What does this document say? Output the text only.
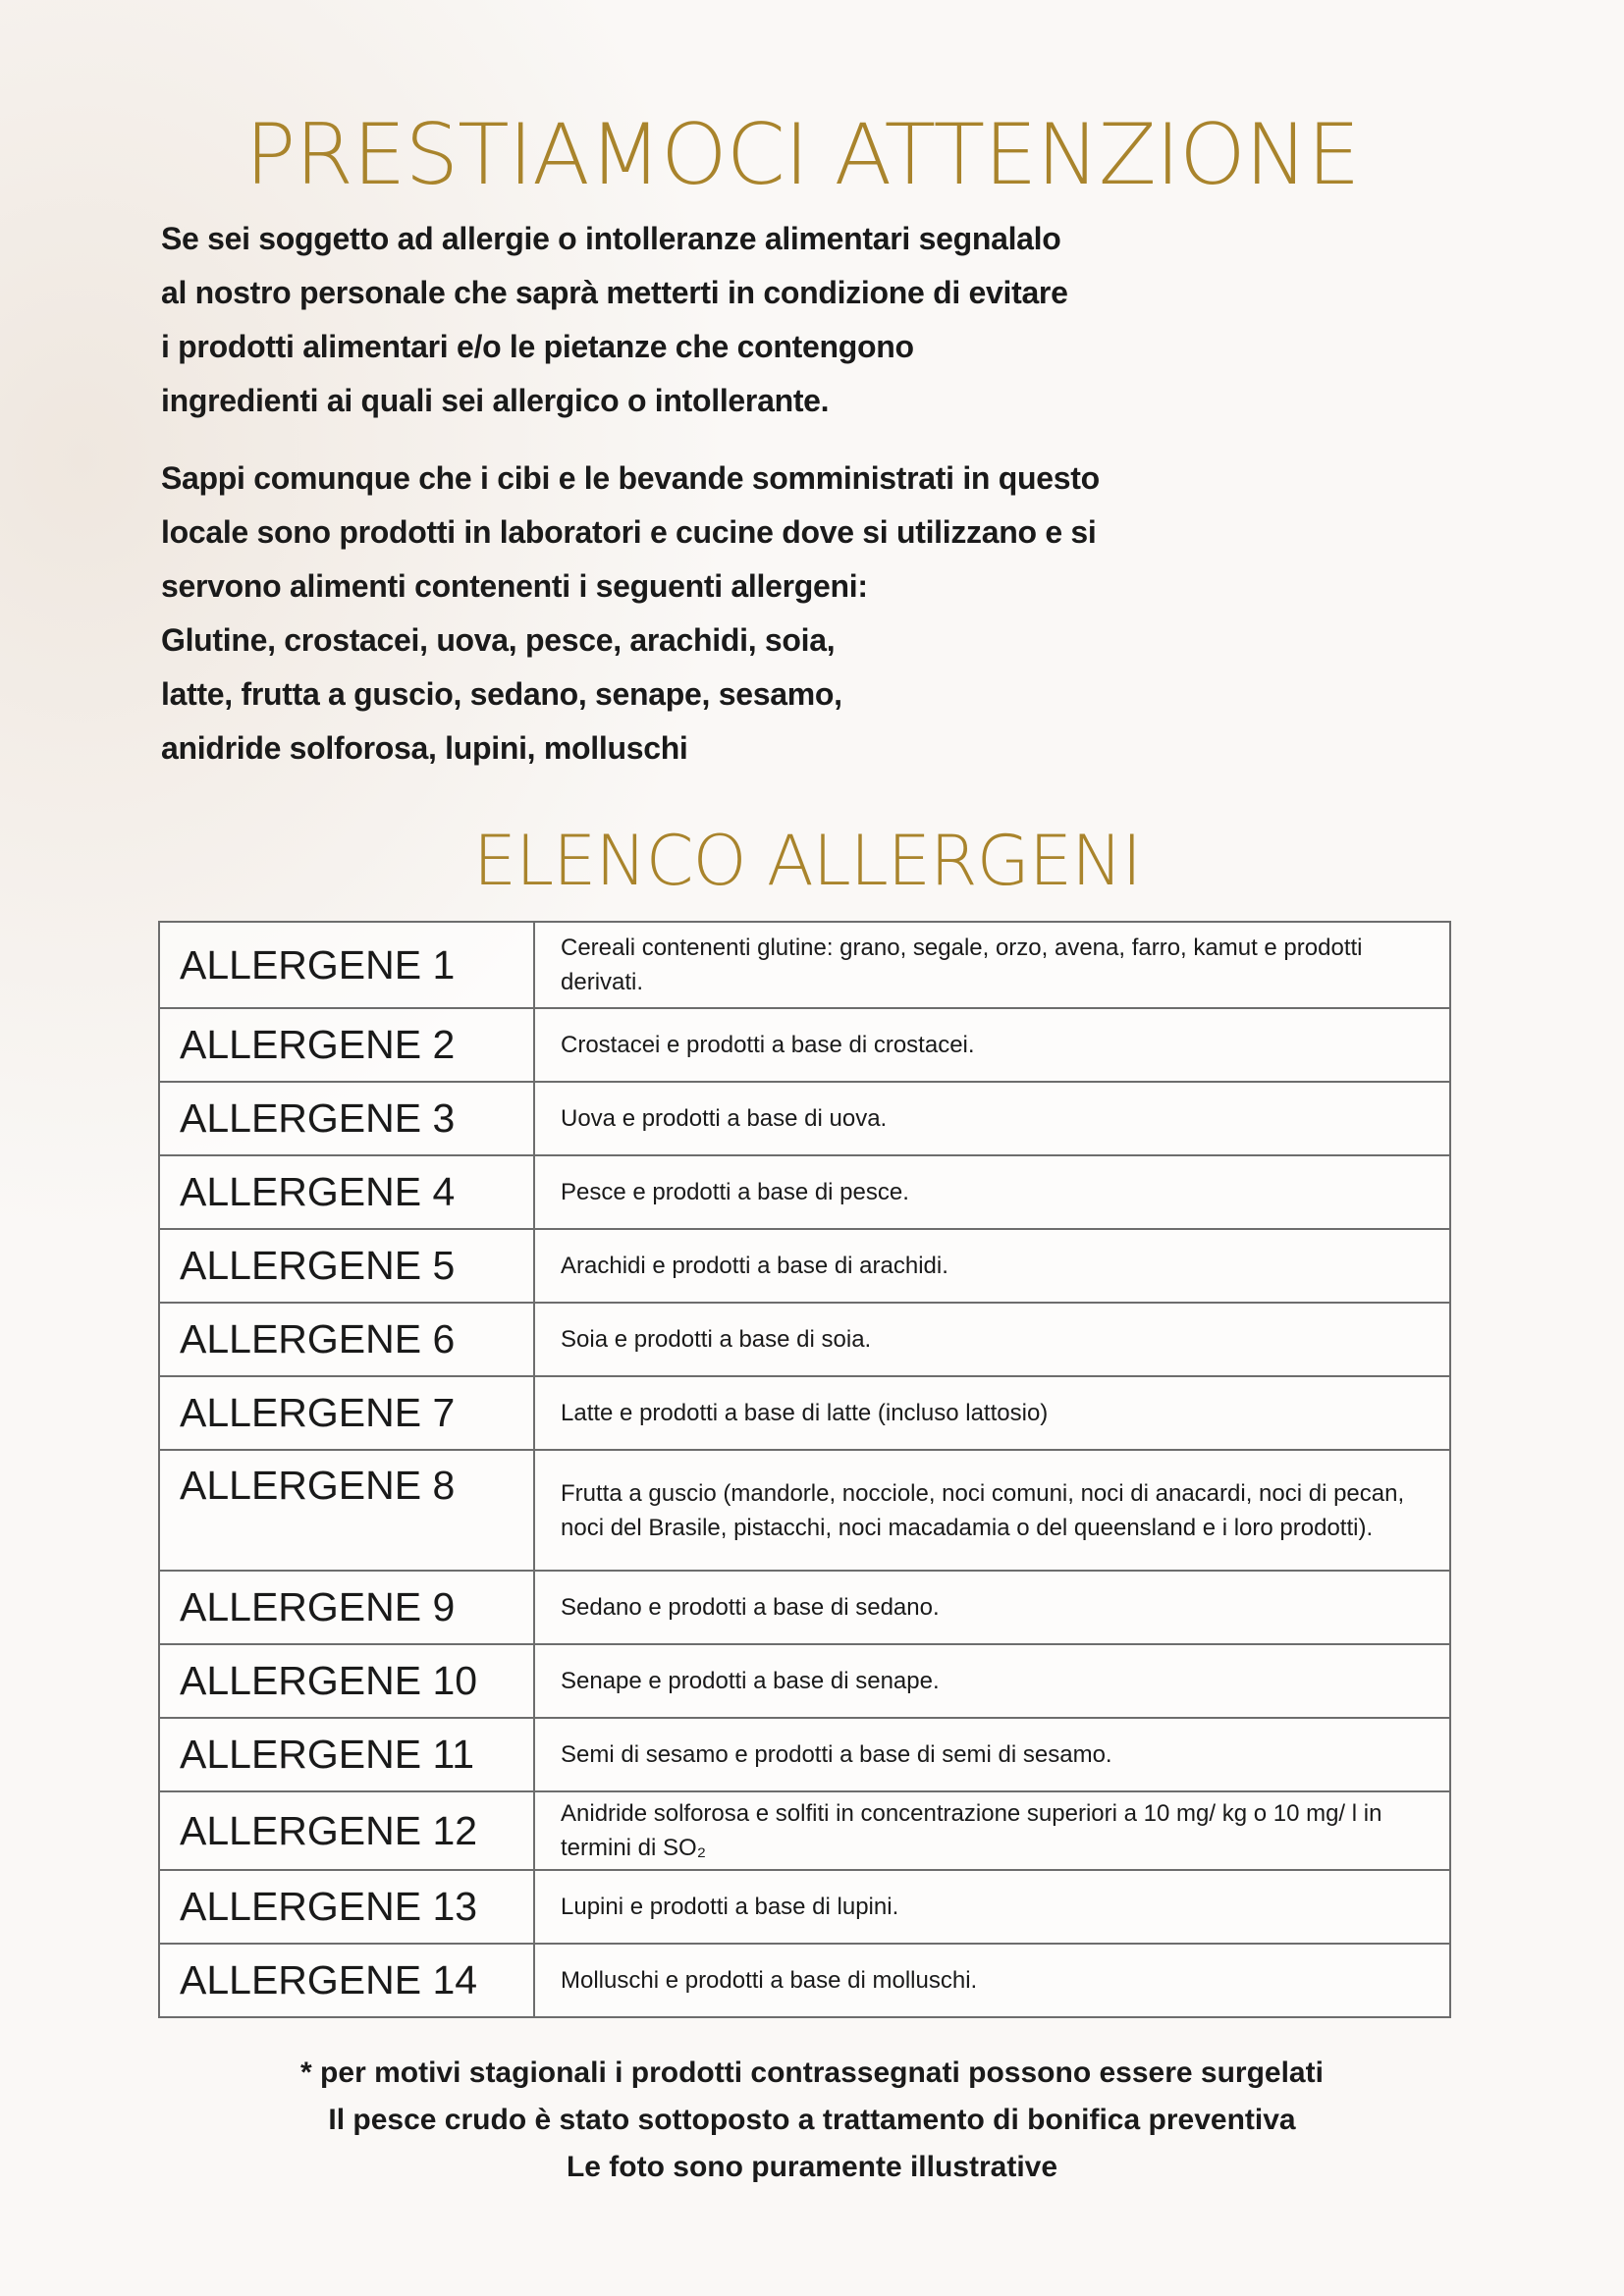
PRESTIAMOCI ATTENZIONE
Se sei soggetto ad allergie o intolleranze alimentari segnalalo
al nostro personale che saprà metterti in condizione di evitare
i prodotti alimentari e/o le pietanze che contengono
ingredienti ai quali sei allergico o intollerante.
Sappi comunque che i cibi e le bevande somministrati in questo
locale sono prodotti in laboratori e cucine dove si utilizzano e si
servono alimenti contenenti i seguenti allergeni:
Glutine, crostacei, uova, pesce, arachidi, soia,
latte, frutta a guscio, sedano, senape, sesamo,
anidride solforosa, lupini, molluschi
ELENCO ALLERGENI
ALLERGENE 1	Cereali contenenti glutine: grano, segale, orzo, avena, farro, kamut e prodotti derivati.
ALLERGENE 2	Crostacei e prodotti a base di crostacei.
ALLERGENE 3	Uova e prodotti a base di uova.
ALLERGENE 4	Pesce e prodotti a base di pesce.
ALLERGENE 5	Arachidi e prodotti a base di arachidi.
ALLERGENE 6	Soia e prodotti a base di soia.
ALLERGENE 7	Latte e prodotti a base di latte (incluso lattosio)
ALLERGENE 8	Frutta a guscio (mandorle, nocciole, noci comuni, noci di anacardi, noci di pecan, noci del Brasile, pistacchi, noci macadamia o del queensland e i loro prodotti).
ALLERGENE 9	Sedano e prodotti a base di sedano.
ALLERGENE 10	Senape e prodotti a base di senape.
ALLERGENE 11	Semi di sesamo e prodotti a base di semi di sesamo.
ALLERGENE 12	Anidride solforosa e solfiti in concentrazione superiori a 10 mg/ kg o 10 mg/ l in termini di SO₂
ALLERGENE 13	Lupini e prodotti a base di lupini.
ALLERGENE 14	Molluschi e prodotti a base di molluschi.
* per motivi stagionali i prodotti contrassegnati possono essere surgelati
Il pesce crudo è stato sottoposto a trattamento di bonifica preventiva
Le foto sono puramente illustrative
